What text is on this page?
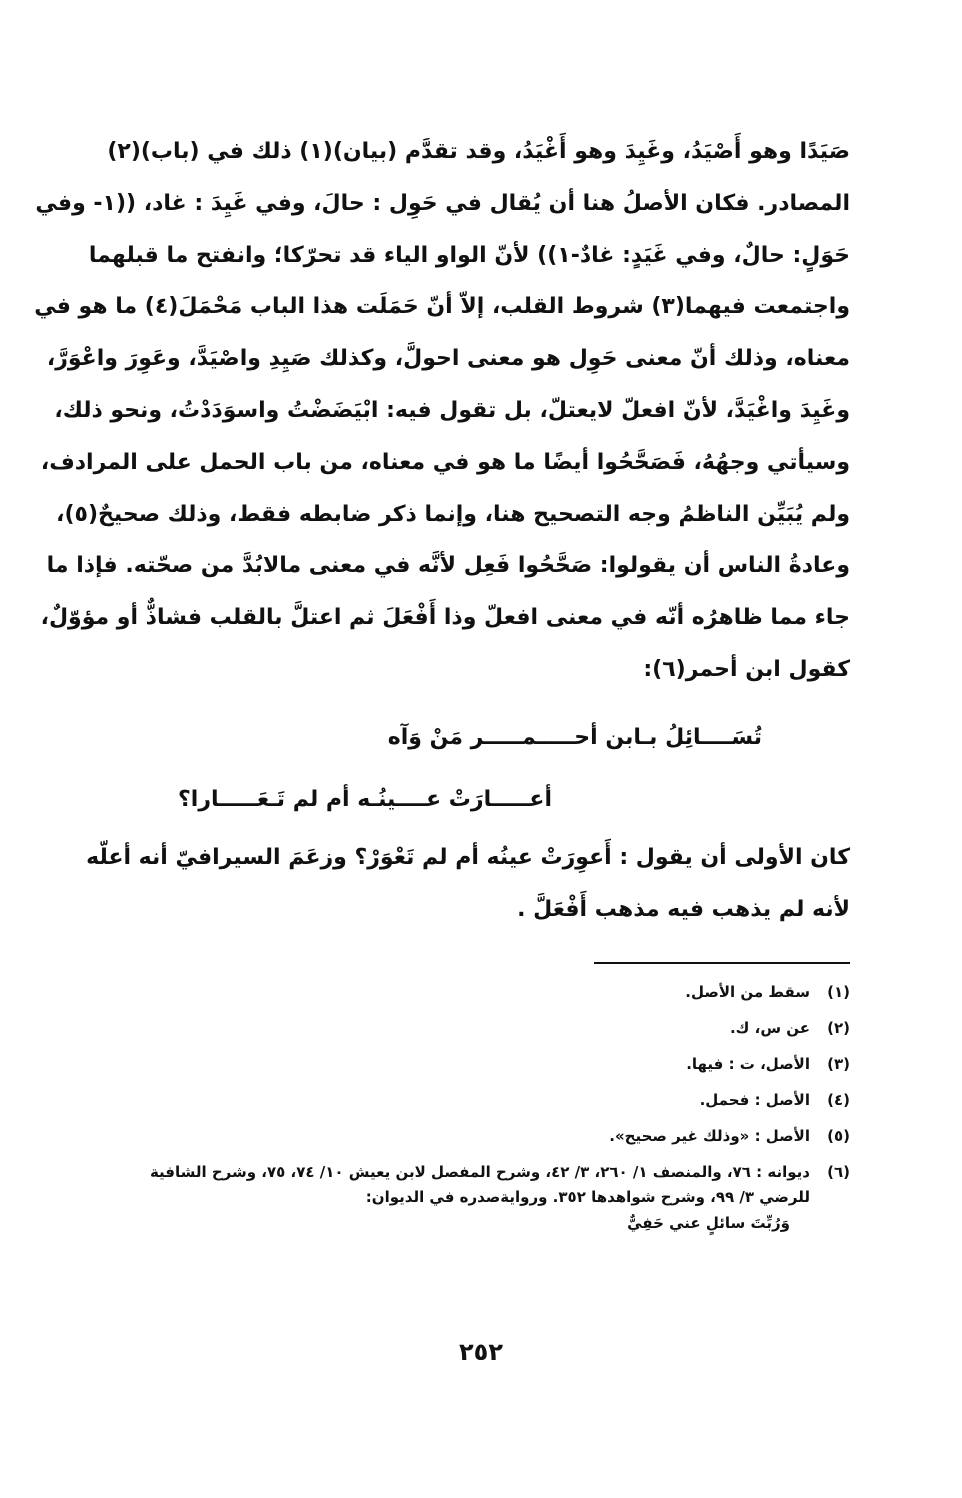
صَيَدًا وهو أَصْيَدُ، وغَيِدَ وهو أَغْيَدُ، وقد تقدَّم (بيان)(١) ذلك في (باب)(٢)
المصادر. فكان الأصلُ هنا أن يُقال في حَوِل : حالَ، وفي غَيِدَ : غاد، ((١- وفي
حَوَلٍ: حالٌ، وفي غَيَدٍ: غادٌ-١)) لأنّ الواو الياء قد تحرّكا؛ وانفتح ما قبلهما
واجتمعت فيهما(٣) شروط القلب، إلاّ أنّ حَمَلَت هذا الباب مَحْمَلَ(٤) ما هو في
معناه، وذلك أنّ معنى حَوِل هو معنى احولَّ، وكذلك صَيِدِ واصْيَدَّ، وعَوِرَ واعْوَرَّ،
وغَيِدَ واغْيَدَّ، لأنّ افعلّ لايعتلّ، بل تقول فيه: ابْيَضَضْتُ واسوَدَدْتُ، ونحو ذلك،
وسيأتي وجهُهُ، فَصَحَّحُوا أيضًا ما هو في معناه، من باب الحمل على المرادف،
ولم يُبَيِّن الناظمُ وجه التصحيح هنا، وإنما ذكر ضابطه فقط، وذلك صحيحٌ(٥)،
وعادةُ الناس أن يقولوا: صَحَّحُوا فَعِل لأنَّه في معنى مالابُدَّ من صحّته. فإذا ما
جاء مما ظاهرُه أنّه في معنى افعلّ وذا أَفْعَلَ ثم اعتلَّ بالقلب فشاذٌّ أو مؤوّلٌ،
كقول ابن أحمر(٦):
تُسَــــائِلُ بـابن أحـــــمـــــر مَنْ وَآه
أعـــــارَتْ عــــينُـه أم لم تَـعَـــــارا؟
كان الأولى أن يقول : أَعوِرَتْ عينُه أم لم تَعْوَرْ؟ وزعَمَ السيرافيّ أنه أعلّه
لأنه لم يذهب فيه مذهب أَفْعَلَّ .
(١)
سقط من الأصل.
(٢)
عن س، ك.
(٣)
الأصل، ت : فيها.
(٤)
الأصل : فحمل.
(٥)
الأصل : «وذلك غير صحيح».
(٦)
ديوانه : ٧٦، والمنصف ١/ ٢٦٠، ٣/ ٤٢، وشرح المفصل لابن يعيش ١٠/ ٧٤، ٧٥، وشرح الشافية
للرضي ٣/ ٩٩، وشرح شواهدها ٣٥٢. وروايةصدره في الديوان:
وَرُبِّتَ سائلٍ عني حَفِيٌّ
٢٥٢
